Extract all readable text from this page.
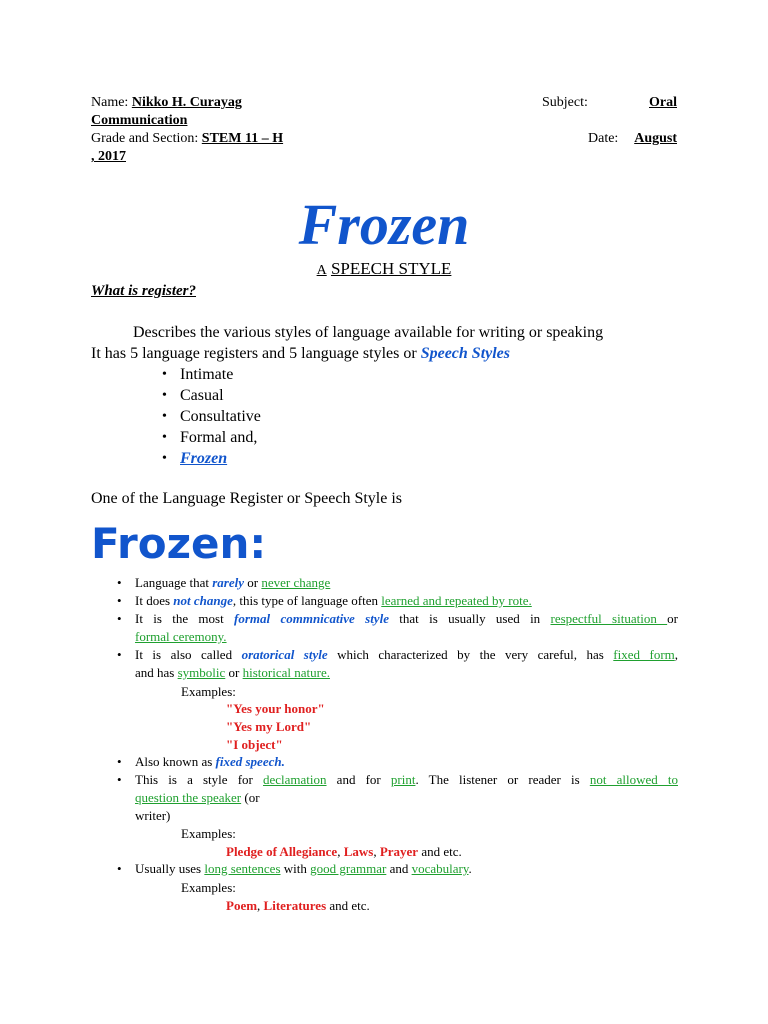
Name: Nikko H. Curayag	Subject:	Oral
Communication
Grade and Section: STEM 11 – H	Date: August
, 2017
Frozen
A SPEECH STYLE
What is register?
Describes the various styles of language available for writing or speaking
It has 5 language registers and 5 language styles or Speech Styles
• Intimate
• Casual
• Consultative
• Formal and,
• Frozen
One of the Language Register or Speech Style is
Frozen:
• Language that rarely or never change
• It does not change, this type of language often learned and repeated by rote.
• It is the most formal commnicative style that is usually used in respectful situation or
formal ceremony.
• It is also called oratorical style which characterized by the very careful, has fixed form,
and has symbolic or historical nature.
Examples:
"Yes your honor"
"Yes my Lord"
"I object"
• Also known as fixed speech.
• This is a style for declamation and for print. The listener or reader is not allowed to
question the speaker (or
writer)
Examples:
Pledge of Allegiance, Laws, Prayer and etc.
• Usually uses long sentences with good grammar and vocabulary.
Examples:
Poem, Literatures and etc.
